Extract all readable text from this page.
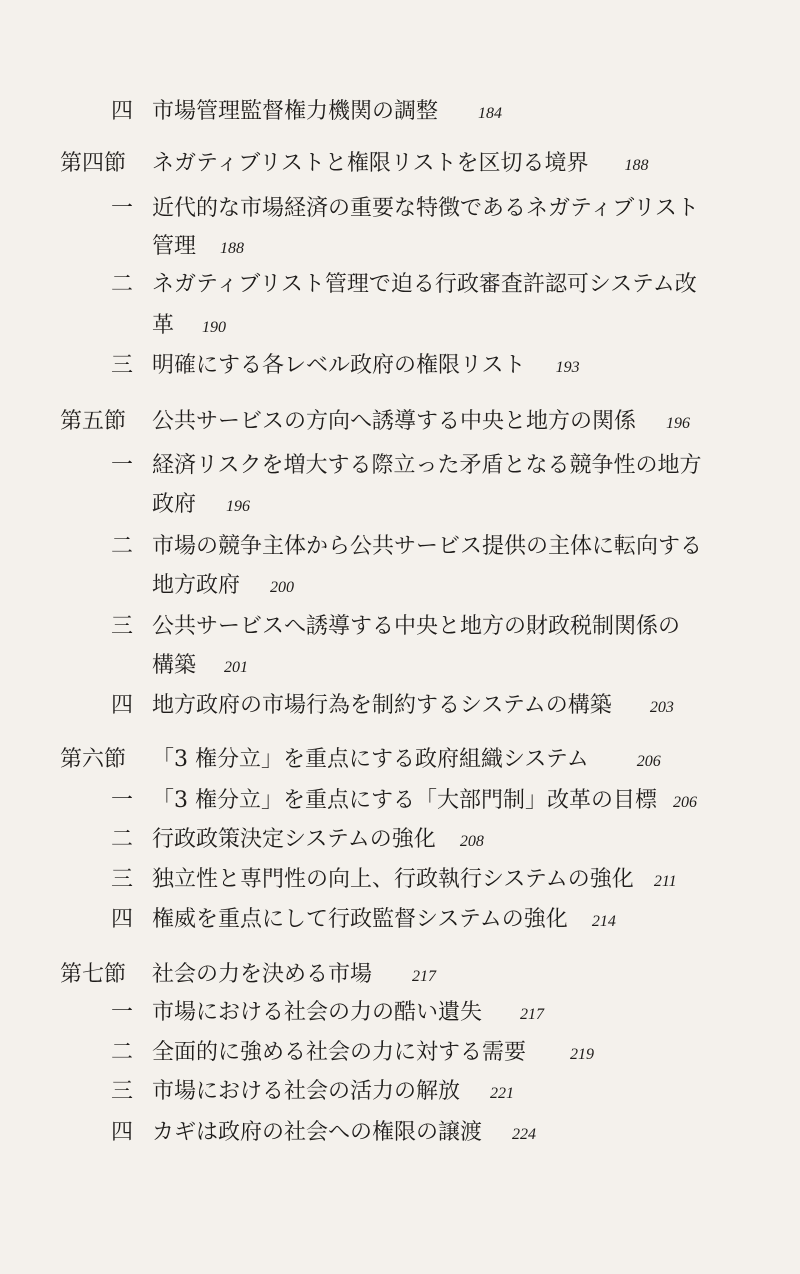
四 市場管理監督権力機関の調整	184
第四節	ネガティブリストと権限リストを区切る境界 188
一 近代的な市場経済の重要な特徴であるネガティブリスト
管理 188
二 ネガティブリスト管理で迫る行政審査許認可システム改
革 190
三 明確にする各レベル政府の権限リスト 193
第五節	公共サービスの方向へ誘導する中央と地方の関係 196
一 経済リスクを増大する際立った矛盾となる競争性の地方
政府 196
二 市場の競争主体から公共サービス提供の主体に転向する
地方政府 200
三 公共サービスへ誘導する中央と地方の財政税制関係の
構築 201
四 地方政府の市場行為を制約するシステムの構築 203
第六節	「3 権分立」を重点にする政府組織システム	206
一 「3 権分立」を重点にする「大部門制」改革の目標 206
二 行政政策決定システムの強化 208
三 独立性と専門性の向上、行政執行システムの強化 211
四 権威を重点にして行政監督システムの強化 214
第七節	社会の力を決める市場	217
一 市場における社会の力の酷い遺失 217
二 全面的に強める社会の力に対する需要	219
三 市場における社会の活力の解放 221
四 カギは政府の社会への権限の譲渡 224
